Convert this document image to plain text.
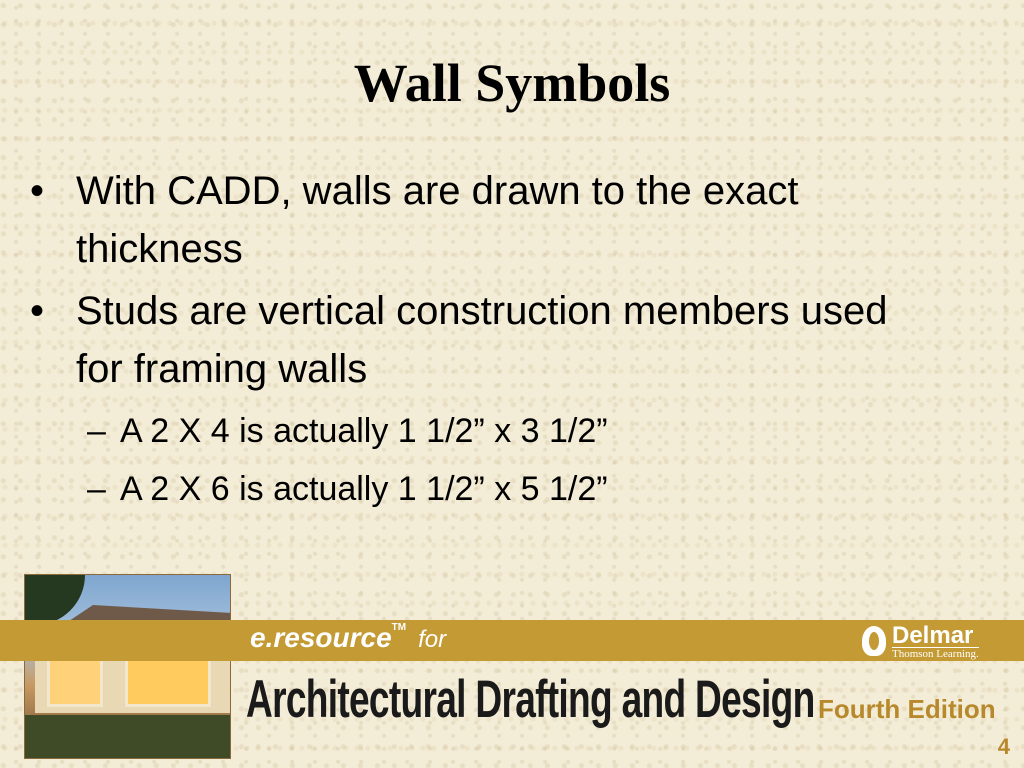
Wall Symbols
• With CADD, walls are drawn to the exact thickness
• Studs are vertical construction members used for framing walls
– A 2 X 4 is actually 1 1/2” x 3 1/2”
– A 2 X 6 is actually 1 1/2” x 5 1/2”
e.resource™ for	Delmar
Thomson Learning.
Architectural Drafting and Design Fourth Edition
4
